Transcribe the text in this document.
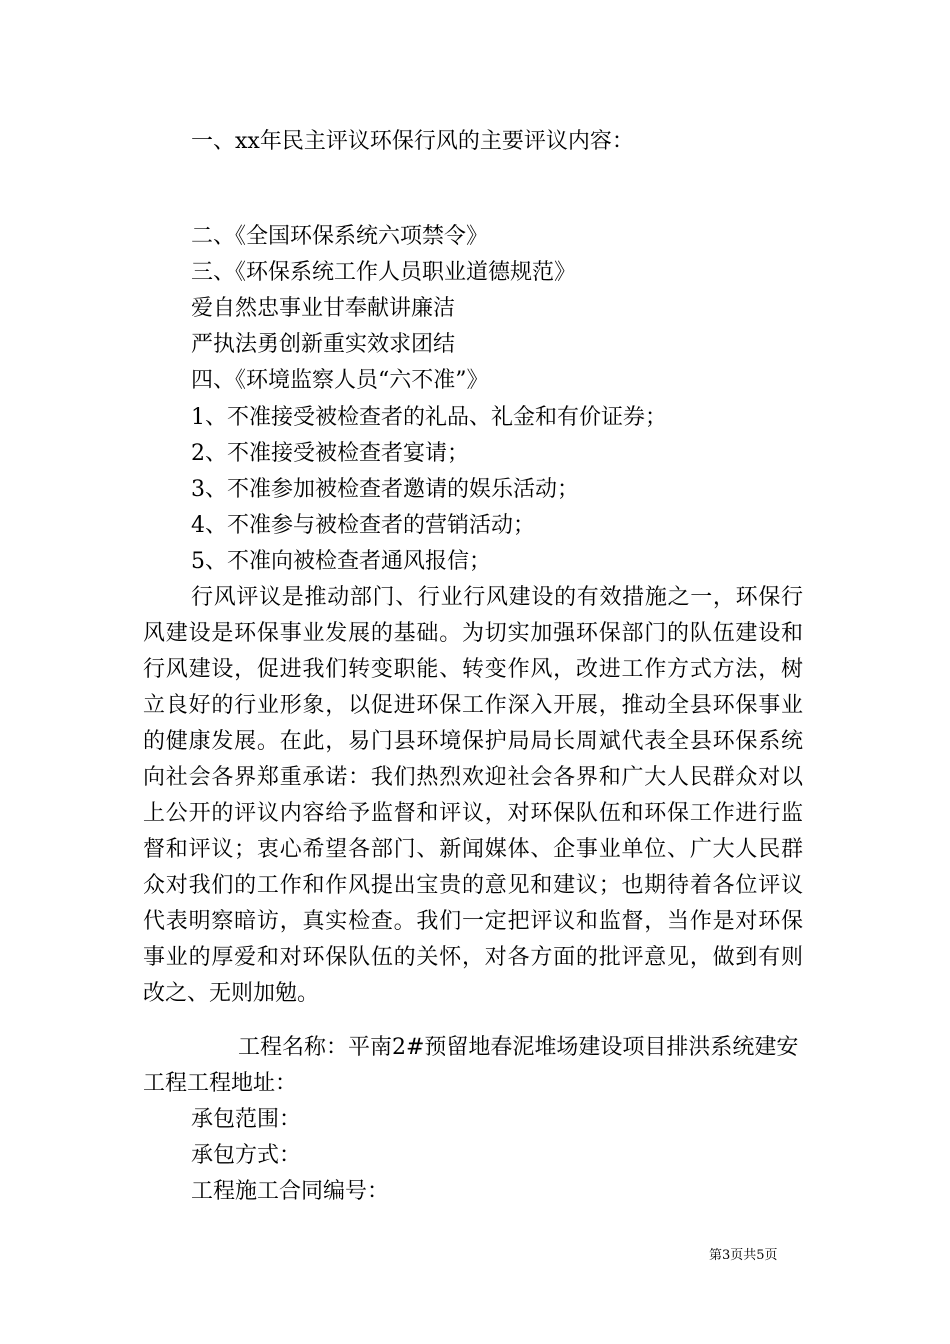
一、xx年民主评议环保行风的主要评议内容：
二、《全国环保系统六项禁令》
三、《环保系统工作人员职业道德规范》
爱自然忠事业甘奉献讲廉洁
严执法勇创新重实效求团结
四、《环境监察人员“六不准”》
1、不准接受被检查者的礼品、礼金和有价证券；
2、不准接受被检查者宴请；
3、不准参加被检查者邀请的娱乐活动；
4、不准参与被检查者的营销活动；
5、不准向被检查者通风报信；
行风评议是推动部门、行业行风建设的有效措施之一，环保行
风建设是环保事业发展的基础。为切实加强环保部门的队伍建设和
行风建设，促进我们转变职能、转变作风，改进工作方式方法，树
立良好的行业形象，以促进环保工作深入开展，推动全县环保事业
的健康发展。在此，易门县环境保护局局长周斌代表全县环保系统
向社会各界郑重承诺：我们热烈欢迎社会各界和广大人民群众对以
上公开的评议内容给予监督和评议，对环保队伍和环保工作进行监
督和评议；衷心希望各部门、新闻媒体、企事业单位、广大人民群
众对我们的工作和作风提出宝贵的意见和建议；也期待着各位评议
代表明察暗访，真实检查。我们一定把评议和监督，当作是对环保
事业的厚爱和对环保队伍的关怀，对各方面的批评意见，做到有则
改之、无则加勉。
工程名称：平南2#预留地春泥堆场建设项目排洪系统建安
工程工程地址：
承包范围：
承包方式：
工程施工合同编号：
第3页共5页
